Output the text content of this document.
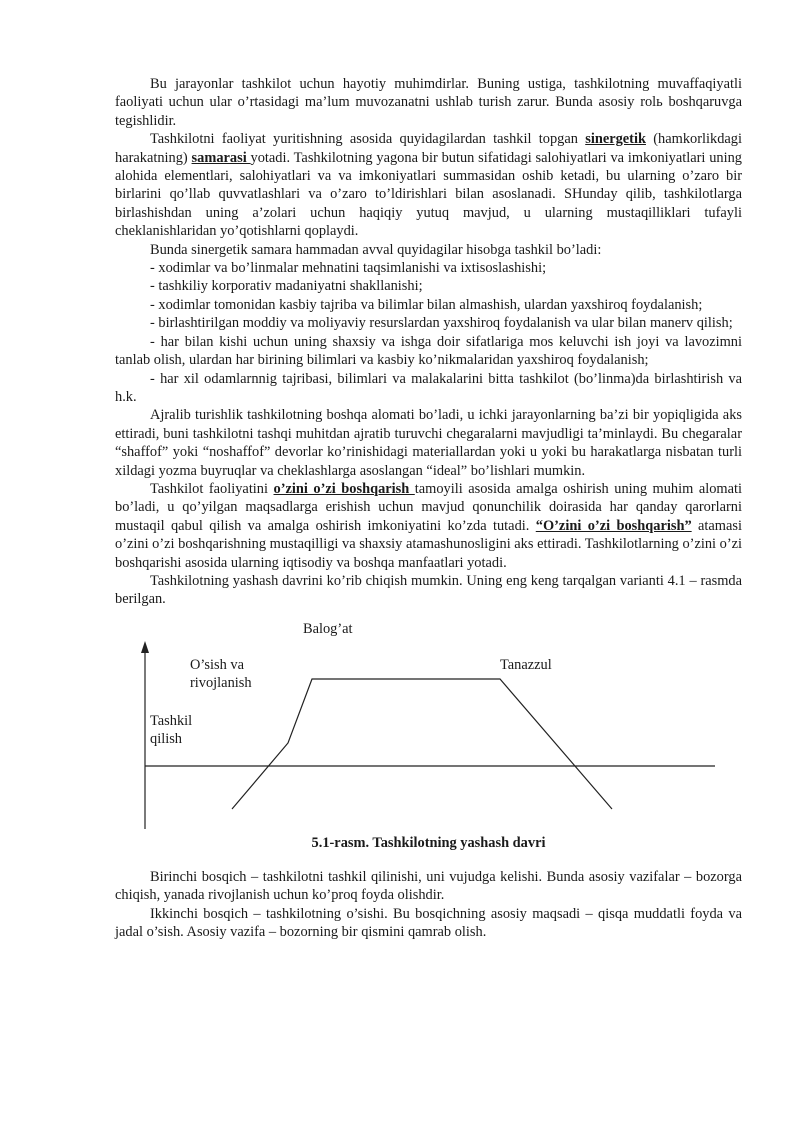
Bu jarayonlar tashkilot uchun hayotiy muhimdirlar. Buning ustiga, tashkilotning muvaffaqiyatli faoliyati uchun ular o’rtasidagi ma’lum muvozanatni ushlab turish zarur. Bunda asosiy rolь boshqaruvga tegishlidir.

Tashkilotni faoliyat yuritishning asosida quyidagilardan tashkil topgan sinergetik (hamkorlikdagi harakatning) samarasi yotadi. Tashkilotning yagona bir butun sifatidagi salohiyatlari va imkoniyatlari uning alohida elementlari, salohiyatlari va va imkoniyatlari summasidan oshib ketadi, bu ularning o’zaro bir birlarini qo’llab quvvatlashlari va o’zaro to’ldirishlari bilan asoslanadi. SHunday qilib, tashkilotlarga birlashishdan uning a’zolari uchun haqiqiy yutuq mavjud, u ularning mustaqilliklari tufayli cheklanishlaridan yo’qotishlarni qoplaydi.

Bunda sinergetik samara hammadan avval quyidagilar hisobga tashkil bo’ladi:

- xodimlar va bo’linmalar mehnatini taqsimlanishi va ixtisoslashishi;

- tashkiliy korporativ madaniyatni shakllanishi;

- xodimlar tomonidan kasbiy tajriba va bilimlar bilan almashish, ulardan yaxshiroq foydalanish;

- birlashtirilgan moddiy va moliyaviy resurslardan yaxshiroq foydalanish va ular bilan manerv qilish;

- har bilan kishi uchun uning shaxsiy va ishga doir sifatlariga mos keluvchi ish joyi va lavozimni tanlab olish, ulardan har birining bilimlari va kasbiy ko’nikmalaridan yaxshiroq foydalanish;

- har xil odamlarnnig tajribasi, bilimlari va malakalarini bitta tashkilot (bo’linma)da birlashtirish va h.k.

Ajralib turishlik tashkilotning boshqa alomati bo’ladi, u ichki jarayonlarning ba’zi bir yopiqligida aks ettiradi, buni tashkilotni tashqi muhitdan ajratib turuvchi chegaralarni mavjudligi ta’minlaydi. Bu chegaralar “shaffof” yoki “noshaffof” devorlar ko’rinishidagi materiallardan yoki u yoki bu harakatlarga nisbatan turli xildagi yozma buyruqlar va cheklashlarga asoslangan “ideal” bo’lishlari mumkin.

Tashkilot faoliyatini o’zini o’zi boshqarish tamoyili asosida amalga oshirish uning muhim alomati bo’ladi, u qo’yilgan maqsadlarga erishish uchun mavjud qonunchilik doirasida har qanday qarorlarni mustaqil qabul qilish va amalga oshirish imkoniyatini ko’zda tutadi. “O’zini o’zi boshqarish” atamasi o’zini o’zi boshqarishning mustaqilligi va shaxsiy atamashunosligini aks ettiradi. Tashkilotlarning o’zini o’zi boshqarishi asosida ularning iqtisodiy va boshqa manfaatlari yotadi.

Tashkilotning yashash davrini ko’rib chiqish mumkin. Uning eng keng tarqalgan varianti 4.1 – rasmda berilgan.

Balog’at
O’sish va rivojlanish
Tanazzul
Tashkil qilish
5.1-rasm. Tashkilotning yashash davri

Birinchi bosqich – tashkilotni tashkil qilinishi, uni vujudga kelishi. Bunda asosiy vazifalar – bozorga chiqish, yanada rivojlanish uchun ko’proq foyda olishdir.

Ikkinchi bosqich – tashkilotning o’sishi. Bu bosqichning asosiy maqsadi – qisqa muddatli foyda va jadal o’sish. Asosiy vazifa – bozorning bir qismini qamrab olish.
